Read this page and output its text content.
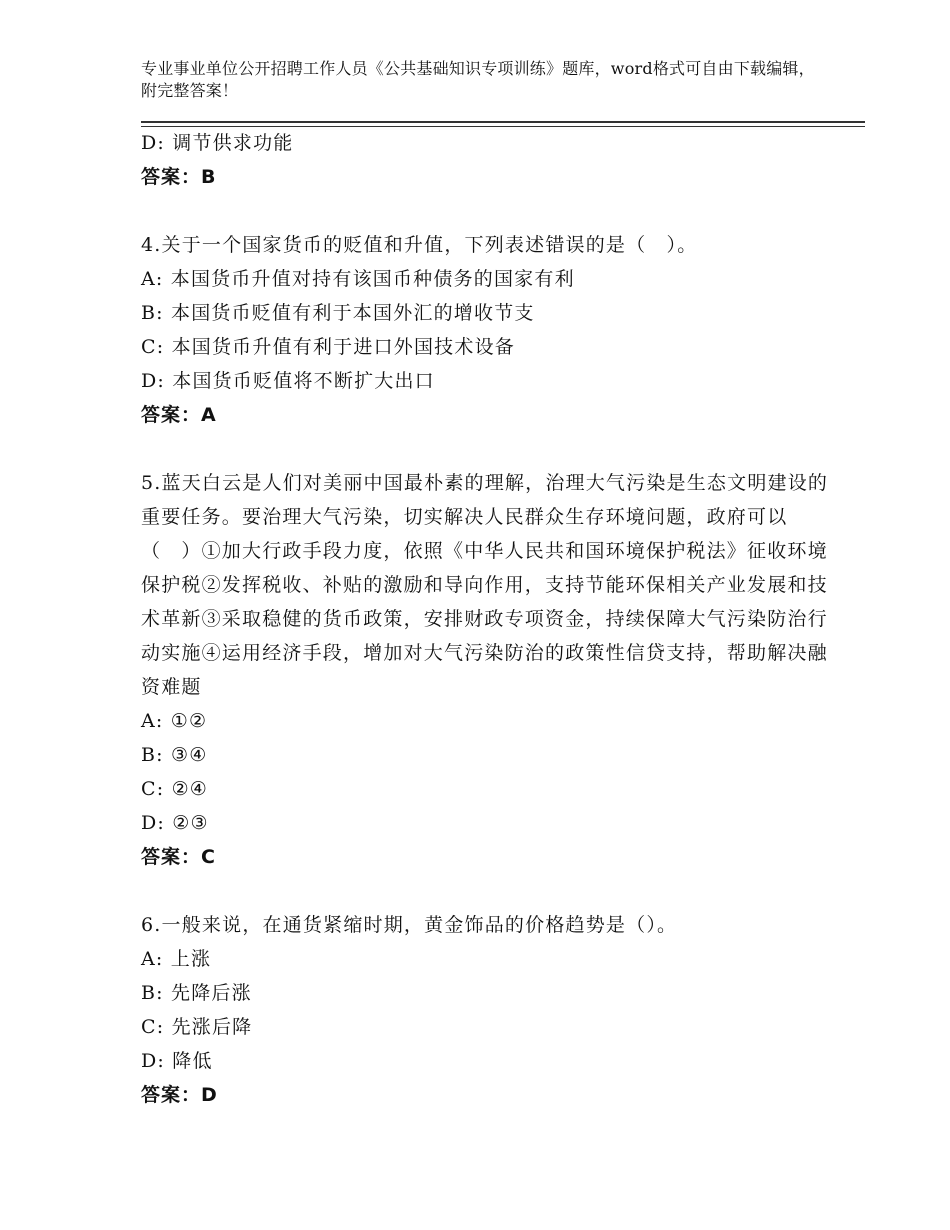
专业事业单位公开招聘工作人员《公共基础知识专项训练》题库，word格式可自由下载编辑，附完整答案！
D: 调节供求功能
答案：B
4.关于一个国家货币的贬值和升值，下列表述错误的是（　）。
A: 本国货币升值对持有该国币种债务的国家有利
B: 本国货币贬值有利于本国外汇的增收节支
C: 本国货币升值有利于进口外国技术设备
D: 本国货币贬值将不断扩大出口
答案：A
5.蓝天白云是人们对美丽中国最朴素的理解，治理大气污染是生态文明建设的重要任务。要治理大气污染，切实解决人民群众生存环境问题，政府可以（　）①加大行政手段力度，依照《中华人民共和国环境保护税法》征收环境保护税②发挥税收、补贴的激励和导向作用，支持节能环保相关产业发展和技术革新③采取稳健的货币政策，安排财政专项资金，持续保障大气污染防治行动实施④运用经济手段，增加对大气污染防治的政策性信贷支持，帮助解决融资难题
A: ①②
B: ③④
C: ②④
D: ②③
答案：C
6.一般来说，在通货紧缩时期，黄金饰品的价格趋势是（）。
A: 上涨
B: 先降后涨
C: 先涨后降
D: 降低
答案：D
